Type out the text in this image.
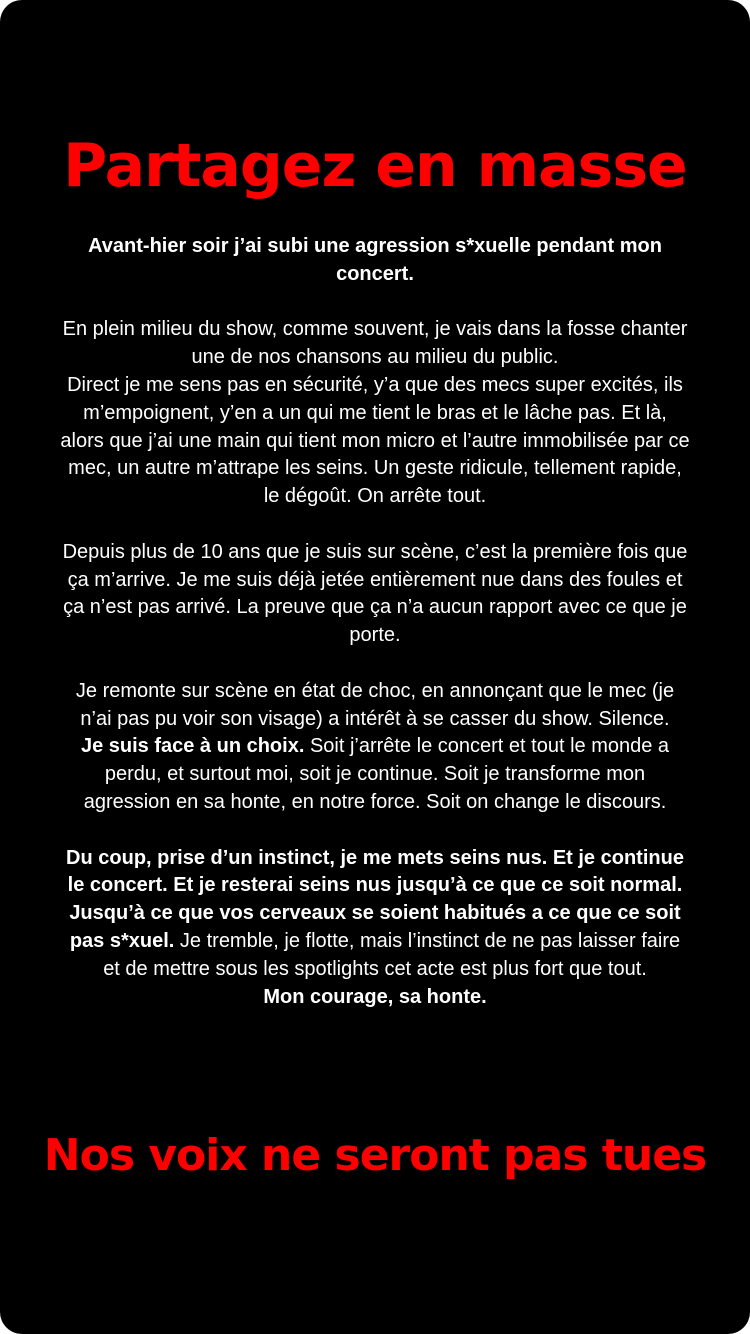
Partagez en masse

Avant-hier soir j’ai subi une agression s*xuelle pendant mon concert.

En plein milieu du show, comme souvent, je vais dans la fosse chanter une de nos chansons au milieu du public.
Direct je me sens pas en sécurité, y’a que des mecs super excités, ils m’empoignent, y’en a un qui me tient le bras et le lâche pas. Et là, alors que j’ai une main qui tient mon micro et l’autre immobilisée par ce mec, un autre m’attrape les seins. Un geste ridicule, tellement rapide, le dégoût. On arrête tout.

Depuis plus de 10 ans que je suis sur scène, c’est la première fois que ça m’arrive. Je me suis déjà jetée entièrement nue dans des foules et ça n’est pas arrivé. La preuve que ça n’a aucun rapport avec ce que je porte.

Je remonte sur scène en état de choc, en annonçant que le mec (je n’ai pas pu voir son visage) a intérêt à se casser du show. Silence.
Je suis face à un choix. Soit j’arrête le concert et tout le monde a perdu, et surtout moi, soit je continue. Soit je transforme mon agression en sa honte, en notre force. Soit on change le discours.

Du coup, prise d’un instinct, je me mets seins nus. Et je continue le concert. Et je resterai seins nus jusqu’à ce que ce soit normal. Jusqu’à ce que vos cerveaux se soient habitués a ce que ce soit pas s*xuel. Je tremble, je flotte, mais l’instinct de ne pas laisser faire et de mettre sous les spotlights cet acte est plus fort que tout.
Mon courage, sa honte.

Nos voix ne seront pas tues
